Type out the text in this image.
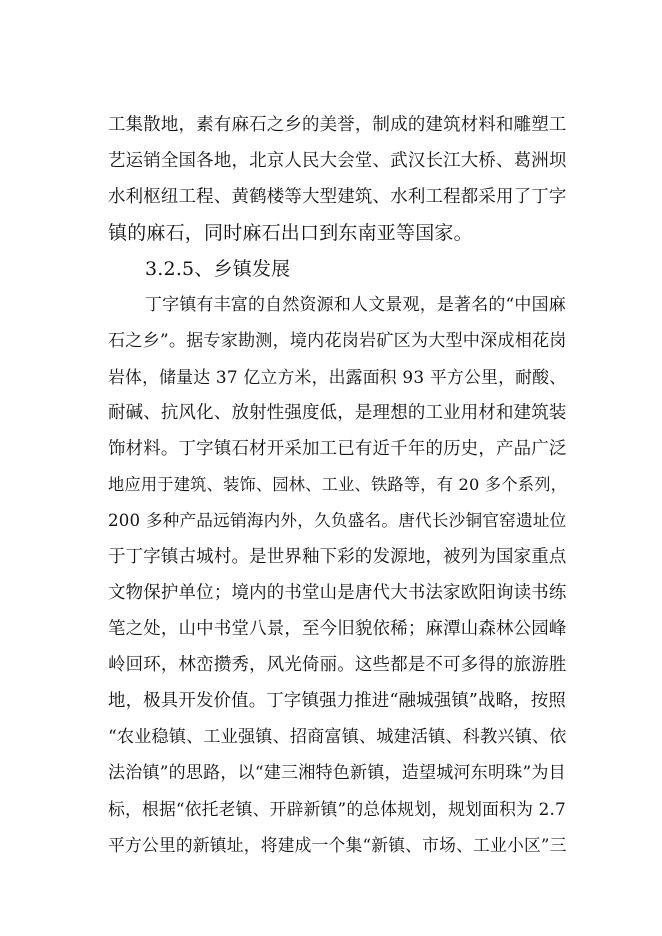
工集散地，素有麻石之乡的美誉，制成的建筑材料和雕塑工
艺运销全国各地，北京人民大会堂、武汉长江大桥、葛洲坝
水利枢纽工程、黄鹤楼等大型建筑、水利工程都采用了丁字
镇的麻石，同时麻石出口到东南亚等国家。
3.2.5、乡镇发展
丁字镇有丰富的自然资源和人文景观，是著名的“中国麻
石之乡”。据专家勘测，境内花岗岩矿区为大型中深成相花岗
岩体，储量达 37 亿立方米，出露面积 93 平方公里，耐酸、
耐碱、抗风化、放射性强度低，是理想的工业用材和建筑装
饰材料。丁字镇石材开采加工已有近千年的历史，产品广泛
地应用于建筑、装饰、园林、工业、铁路等，有 20 多个系列，
200 多种产品远销海内外，久负盛名。唐代长沙铜官窑遗址位
于丁字镇古城村。是世界釉下彩的发源地，被列为国家重点
文物保护单位；境内的书堂山是唐代大书法家欧阳询读书练
笔之处，山中书堂八景，至今旧貌依稀；麻潭山森林公园峰
岭回环，林峦攒秀，风光倚丽。这些都是不可多得的旅游胜
地，极具开发价值。丁字镇强力推进“融城强镇”战略，按照
“农业稳镇、工业强镇、招商富镇、城建活镇、科教兴镇、依
法治镇”的思路，以“建三湘特色新镇，造望城河东明珠”为目
标，根据“依托老镇、开辟新镇”的总体规划，规划面积为 2.7
平方公里的新镇址，将建成一个集“新镇、市场、工业小区”三
